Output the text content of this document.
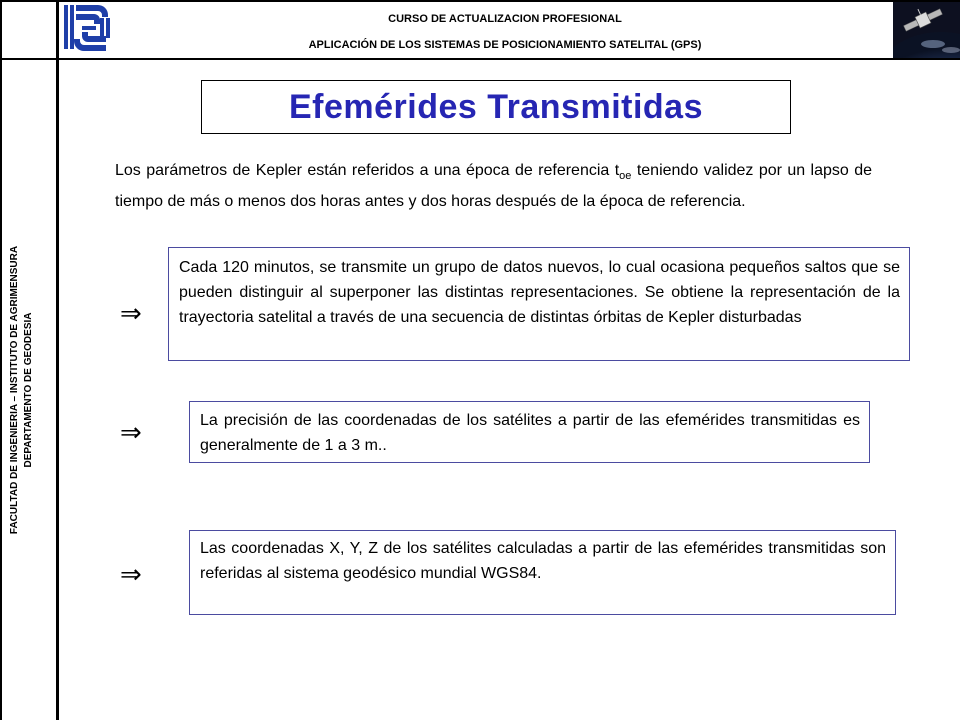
CURSO DE ACTUALIZACION PROFESIONAL
APLICACIÓN DE LOS SISTEMAS DE POSICIONAMIENTO SATELITAL (GPS)
FACULTAD DE INGENIERIA – INSTITUTO DE AGRIMENSURA DEPARTAMENTO DE GEODESIA
Efemérides Transmitidas
Los parámetros de Kepler están referidos a una época de referencia $t_{oe}$ teniendo validez por un lapso de tiempo de más o menos dos horas antes y dos horas después de la época de referencia.
⇒
⇒
⇒
Cada 120 minutos, se transmite un grupo de datos nuevos, lo cual ocasiona pequeños saltos que se pueden distinguir al superponer las distintas representaciones. Se obtiene la representación de la trayectoria satelital a través de una secuencia de distintas órbitas de Kepler disturbadas
La precisión de las coordenadas de los satélites a partir de las efemérides transmitidas es generalmente de 1 a 3 m..
Las coordenadas X, Y, Z de los satélites calculadas a partir de las efemérides transmitidas son referidas al sistema geodésico mundial WGS84.
